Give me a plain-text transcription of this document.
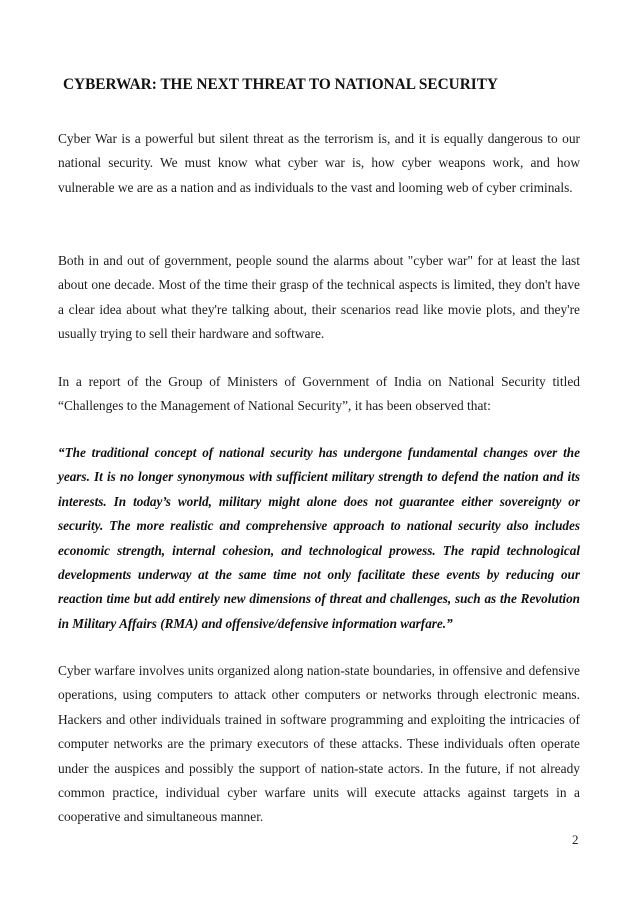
CYBERWAR: THE NEXT THREAT TO NATIONAL SECURITY

Cyber War is a powerful but silent threat as the terrorism is, and it is equally dangerous to our national security. We must know what cyber war is, how cyber weapons work, and how vulnerable we are as a nation and as individuals to the vast and looming web of cyber criminals.

Both in and out of government, people sound the alarms about "cyber war" for at least the last about one decade. Most of the time their grasp of the technical aspects is limited, they don't have a clear idea about what they're talking about, their scenarios read like movie plots, and they're usually trying to sell their hardware and software.

In a report of the Group of Ministers of Government of India on National Security titled “Challenges to the Management of National Security”, it has been observed that:

“The traditional concept of national security has undergone fundamental changes over the years. It is no longer synonymous with sufficient military strength to defend the nation and its interests. In today’s world, military might alone does not guarantee either sovereignty or security. The more realistic and comprehensive approach to national security also includes economic strength, internal cohesion, and technological prowess. The rapid technological developments underway at the same time not only facilitate these events by reducing our reaction time but add entirely new dimensions of threat and challenges, such as the Revolution in Military Affairs (RMA) and offensive/defensive information warfare.”

Cyber warfare involves units organized along nation-state boundaries, in offensive and defensive operations, using computers to attack other computers or networks through electronic means. Hackers and other individuals trained in software programming and exploiting the intricacies of computer networks are the primary executors of these attacks. These individuals often operate under the auspices and possibly the support of nation-state actors. In the future, if not already common practice, individual cyber warfare units will execute attacks against targets in a cooperative and simultaneous manner.

2
